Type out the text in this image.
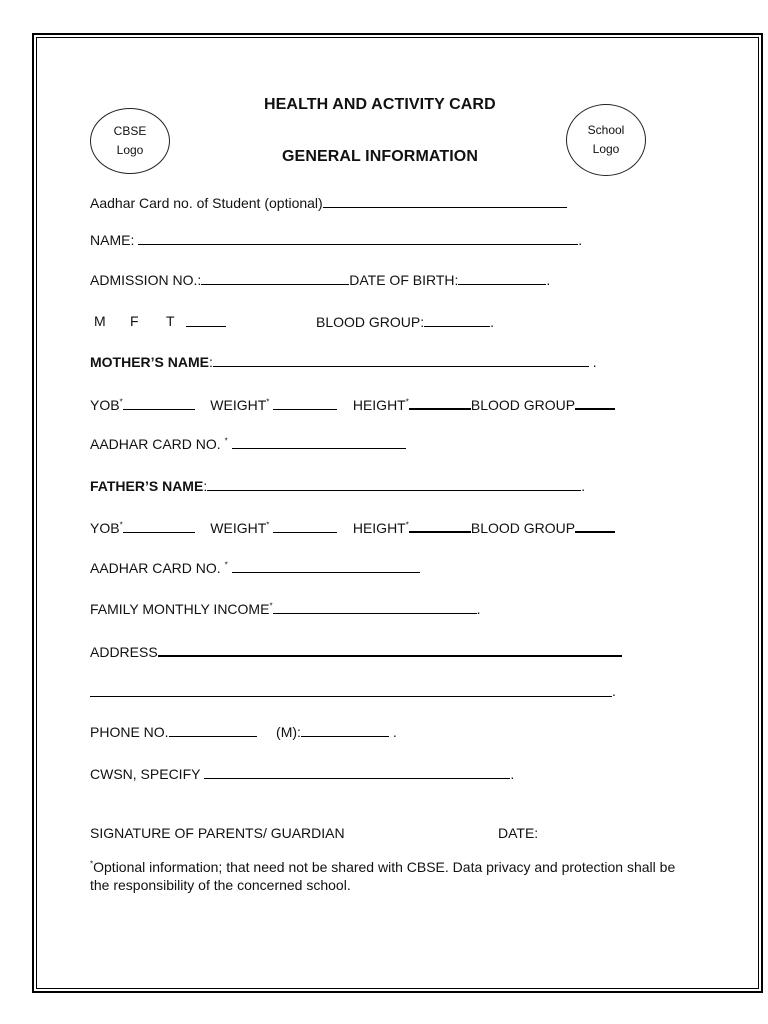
CBSE
Logo
School
Logo
HEALTH AND ACTIVITY CARD
GENERAL INFORMATION
Aadhar Card no. of Student (optional)
NAME:	.
ADMISSION NO.:	DATE OF BIRTH:	.
M F T	BLOOD GROUP:	.
MOTHER’S NAME:	.
YOB*	WEIGHT*	HEIGHT*	BLOOD GROUP
AADHAR CARD NO. *
FATHER’S NAME:	.
YOB*	WEIGHT*	HEIGHT*	BLOOD GROUP
AADHAR CARD NO. *
FAMILY MONTHLY INCOME*	.
ADDRESS
.
PHONE NO.	(M):	.
CWSN, SPECIFY	.
SIGNATURE OF PARENTS/ GUARDIAN	DATE:
*Optional information; that need not be shared with CBSE. Data privacy and protection shall be the responsibility of the concerned school.
